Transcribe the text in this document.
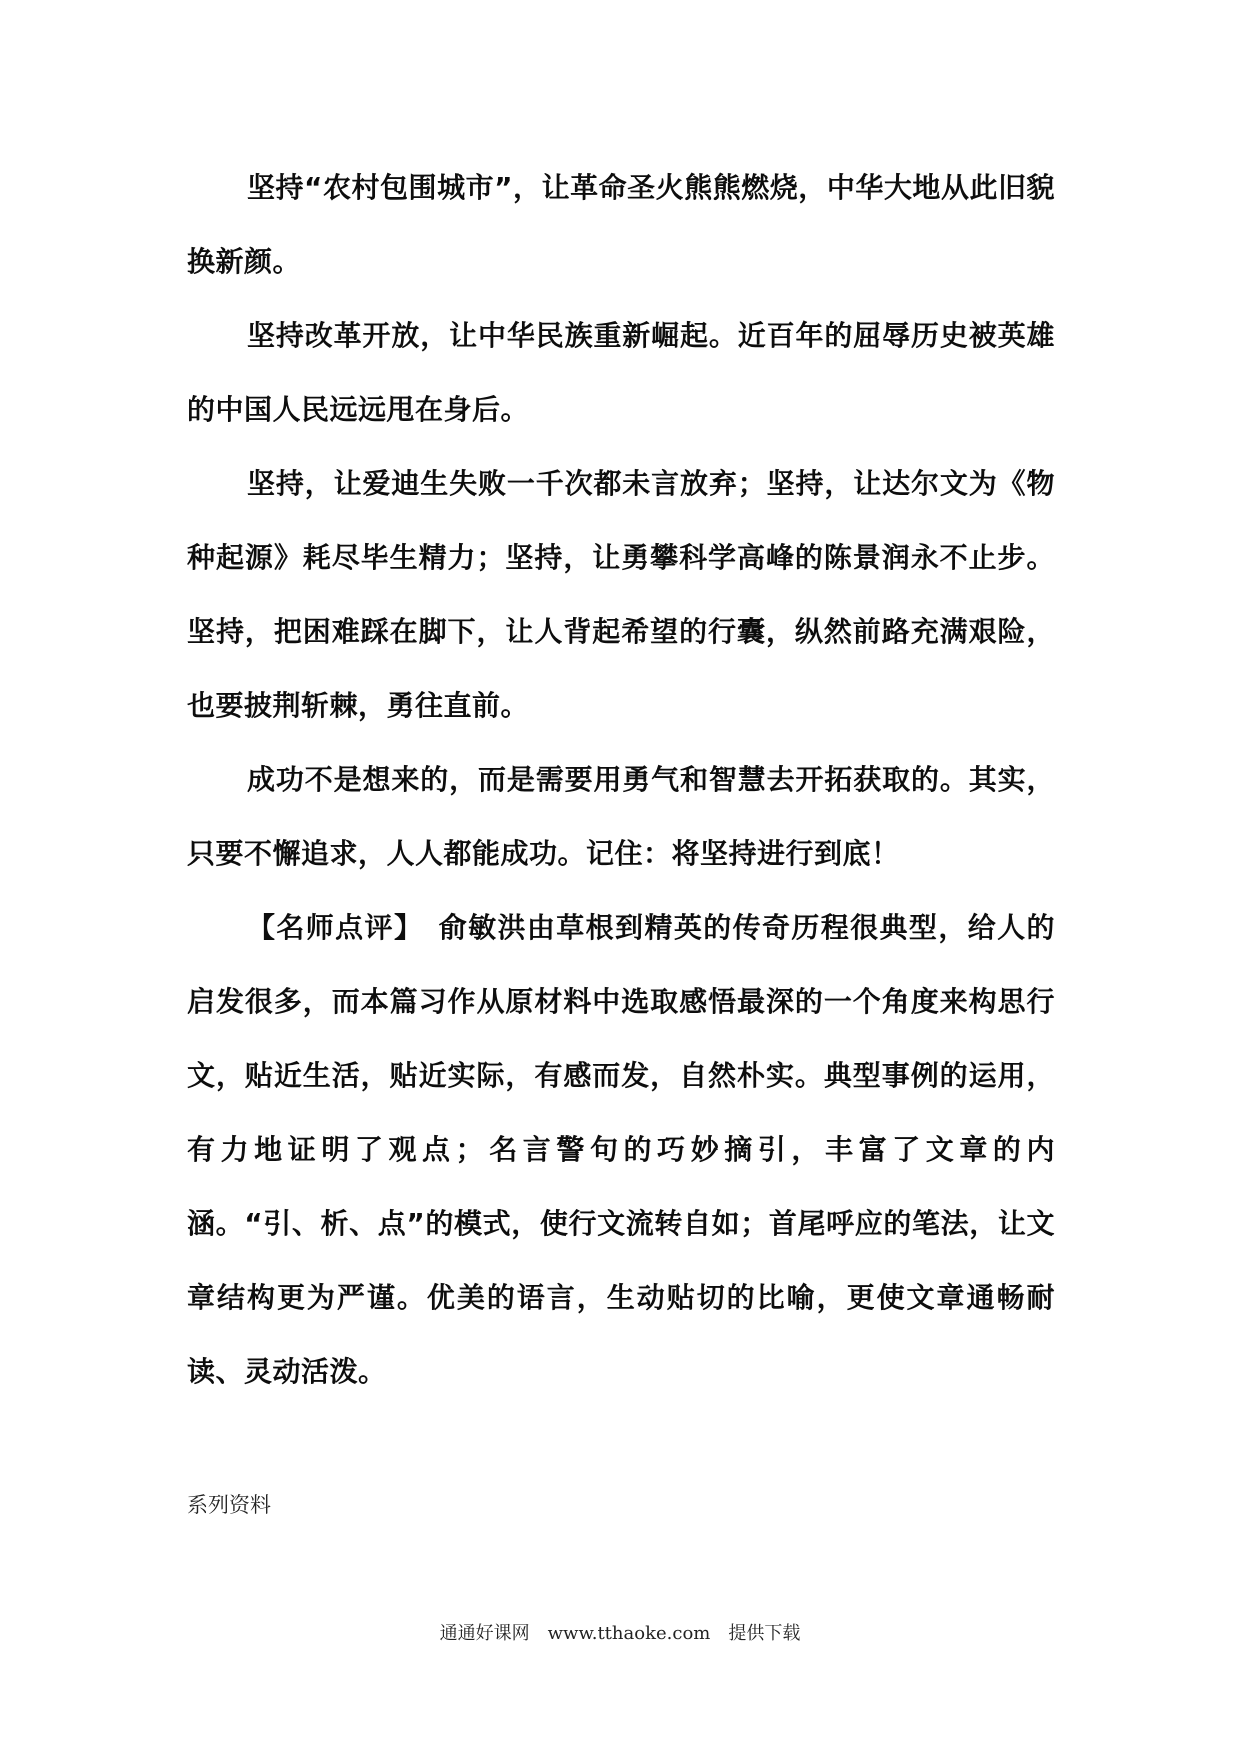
坚持“农村包围城市”，让革命圣火熊熊燃烧，中华大地从此旧貌换新颜。

坚持改革开放，让中华民族重新崛起。近百年的屈辱历史被英雄的中国人民远远甩在身后。

坚持，让爱迪生失败一千次都未言放弃；坚持，让达尔文为《物种起源》耗尽毕生精力；坚持，让勇攀科学高峰的陈景润永不止步。坚持，把困难踩在脚下，让人背起希望的行囊，纵然前路充满艰险，也要披荆斩棘，勇往直前。

成功不是想来的，而是需要用勇气和智慧去开拓获取的。其实，只要不懈追求，人人都能成功。记住：将坚持进行到底！

【名师点评】　俞敏洪由草根到精英的传奇历程很典型，给人的启发很多，而本篇习作从原材料中选取感悟最深的一个角度来构思行文，贴近生活，贴近实际，有感而发，自然朴实。典型事例的运用，有力地证明了观点；名言警句的巧妙摘引，丰富了文章的内涵。“引、析、点”的模式，使行文流转自如；首尾呼应的笔法，让文章结构更为严谨。优美的语言，生动贴切的比喻，更使文章通畅耐读、灵动活泼。

系列资料
通通好课网　www.tthaoke.com　提供下载
